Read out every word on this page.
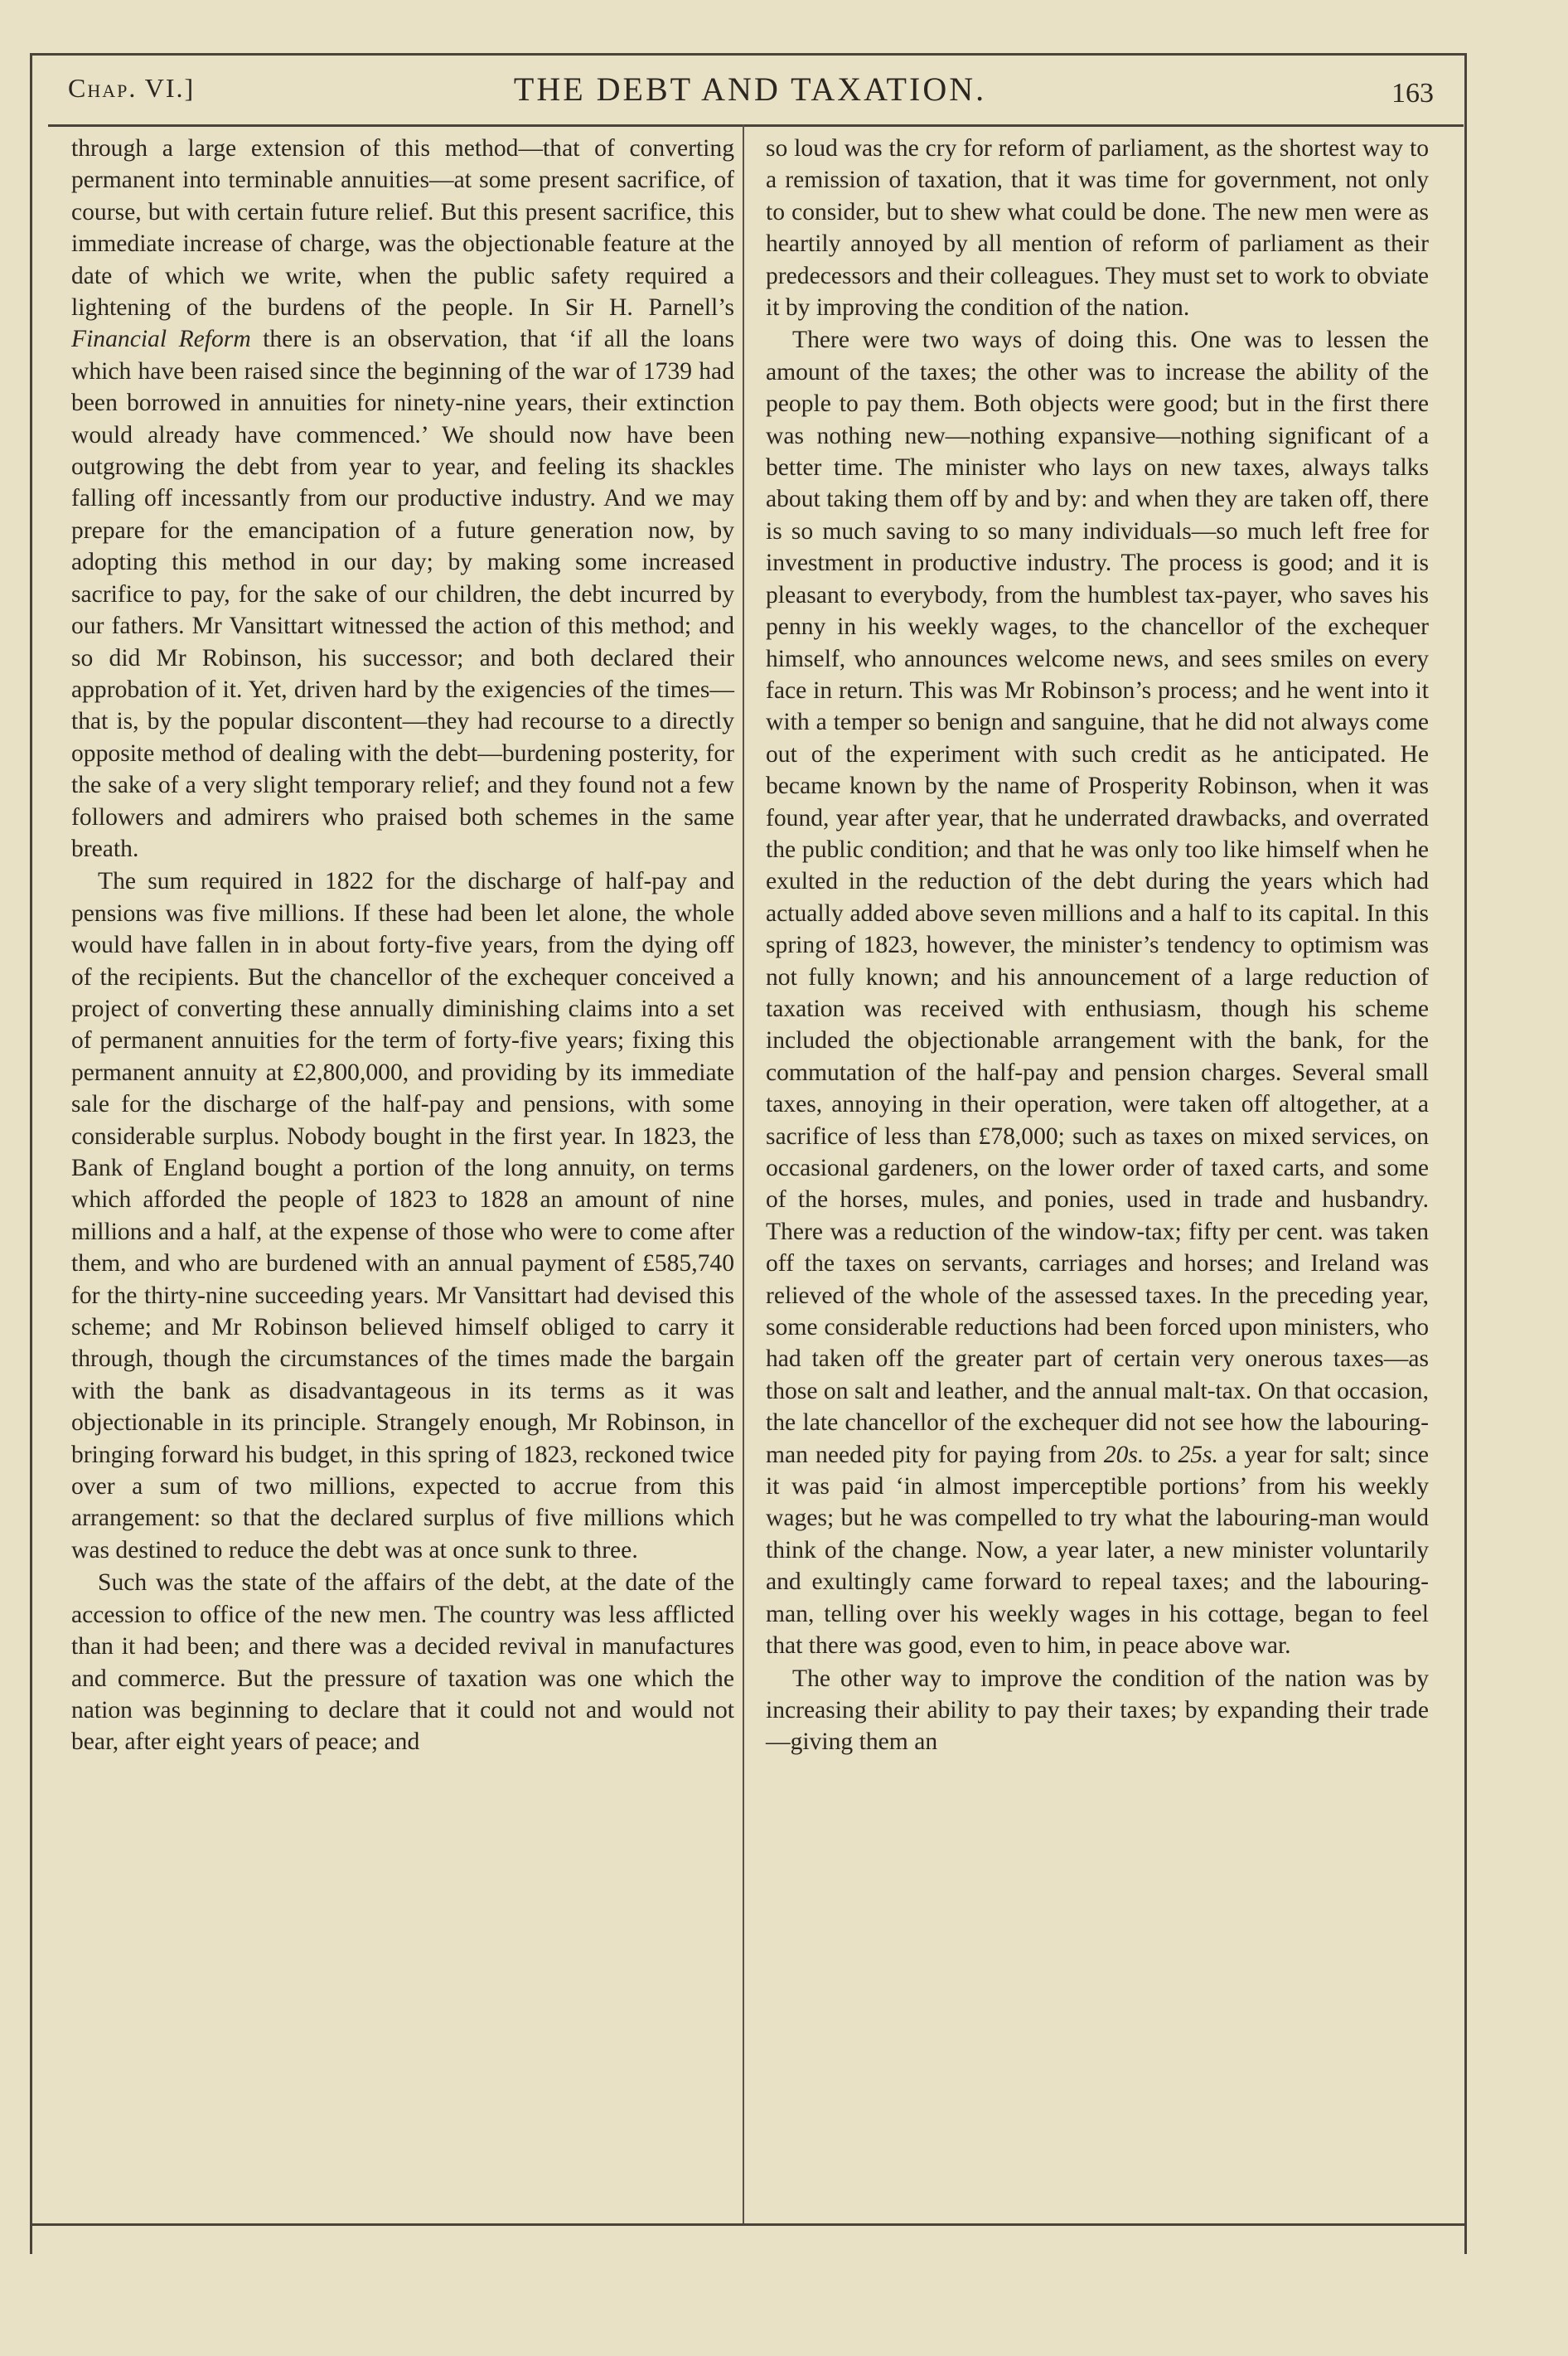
Chap. VI.]	THE DEBT AND TAXATION.	163

through a large extension of this method—that of converting permanent into terminable annuities—at some present sacrifice, of course, but with certain future relief. But this present sacrifice, this immediate increase of charge, was the objectionable feature at the date of which we write, when the public safety required a lightening of the burdens of the people. In Sir H. Parnell’s Financial Reform there is an observation, that ‘if all the loans which have been raised since the beginning of the war of 1739 had been borrowed in annuities for ninety-nine years, their extinction would already have commenced.’ We should now have been outgrowing the debt from year to year, and feeling its shackles falling off incessantly from our productive industry. And we may prepare for the emancipation of a future generation now, by adopting this method in our day; by making some increased sacrifice to pay, for the sake of our children, the debt incurred by our fathers. Mr Vansittart witnessed the action of this method; and so did Mr Robinson, his successor; and both declared their approbation of it. Yet, driven hard by the exigencies of the times—that is, by the popular discontent—they had recourse to a directly opposite method of dealing with the debt—burdening posterity, for the sake of a very slight temporary relief; and they found not a few followers and admirers who praised both schemes in the same breath.

The sum required in 1822 for the discharge of half-pay and pensions was five millions. If these had been let alone, the whole would have fallen in in about forty-five years, from the dying off of the recipients. But the chancellor of the exchequer conceived a project of converting these annually diminishing claims into a set of permanent annuities for the term of forty-five years; fixing this permanent annuity at £2,800,000, and providing by its immediate sale for the discharge of the half-pay and pensions, with some considerable surplus. Nobody bought in the first year. In 1823, the Bank of England bought a portion of the long annuity, on terms which afforded the people of 1823 to 1828 an amount of nine millions and a half, at the expense of those who were to come after them, and who are burdened with an annual payment of £585,740 for the thirty-nine succeeding years. Mr Vansittart had devised this scheme; and Mr Robinson believed himself obliged to carry it through, though the circumstances of the times made the bargain with the bank as disadvantageous in its terms as it was objectionable in its principle. Strangely enough, Mr Robinson, in bringing forward his budget, in this spring of 1823, reckoned twice over a sum of two millions, expected to accrue from this arrangement: so that the declared surplus of five millions which was destined to reduce the debt was at once sunk to three.

Such was the state of the affairs of the debt, at the date of the accession to office of the new men. The country was less afflicted than it had been; and there was a decided revival in manufactures and commerce. But the pressure of taxation was one which the nation was beginning to declare that it could not and would not bear, after eight years of peace; and

so loud was the cry for reform of parliament, as the shortest way to a remission of taxation, that it was time for government, not only to consider, but to shew what could be done. The new men were as heartily annoyed by all mention of reform of parliament as their predecessors and their colleagues. They must set to work to obviate it by improving the condition of the nation.

There were two ways of doing this. One was to lessen the amount of the taxes; the other was to increase the ability of the people to pay them. Both objects were good; but in the first there was nothing new—nothing expansive—nothing significant of a better time. The minister who lays on new taxes, always talks about taking them off by and by: and when they are taken off, there is so much saving to so many individuals—so much left free for investment in productive industry. The process is good; and it is pleasant to everybody, from the humblest tax-payer, who saves his penny in his weekly wages, to the chancellor of the exchequer himself, who announces welcome news, and sees smiles on every face in return. This was Mr Robinson’s process; and he went into it with a temper so benign and sanguine, that he did not always come out of the experiment with such credit as he anticipated. He became known by the name of Prosperity Robinson, when it was found, year after year, that he underrated drawbacks, and overrated the public condition; and that he was only too like himself when he exulted in the reduction of the debt during the years which had actually added above seven millions and a half to its capital. In this spring of 1823, however, the minister’s tendency to optimism was not fully known; and his announcement of a large reduction of taxation was received with enthusiasm, though his scheme included the objectionable arrangement with the bank, for the commutation of the half-pay and pension charges. Several small taxes, annoying in their operation, were taken off altogether, at a sacrifice of less than £78,000; such as taxes on mixed services, on occasional gardeners, on the lower order of taxed carts, and some of the horses, mules, and ponies, used in trade and husbandry. There was a reduction of the window-tax; fifty per cent. was taken off the taxes on servants, carriages and horses; and Ireland was relieved of the whole of the assessed taxes. In the preceding year, some considerable reductions had been forced upon ministers, who had taken off the greater part of certain very onerous taxes—as those on salt and leather, and the annual malt-tax. On that occasion, the late chancellor of the exchequer did not see how the labouring-man needed pity for paying from 20s. to 25s. a year for salt; since it was paid ‘in almost imperceptible portions’ from his weekly wages; but he was compelled to try what the labouring-man would think of the change. Now, a year later, a new minister voluntarily and exultingly came forward to repeal taxes; and the labouring-man, telling over his weekly wages in his cottage, began to feel that there was good, even to him, in peace above war.

The other way to improve the condition of the nation was by increasing their ability to pay their taxes; by expanding their trade—giving them an
